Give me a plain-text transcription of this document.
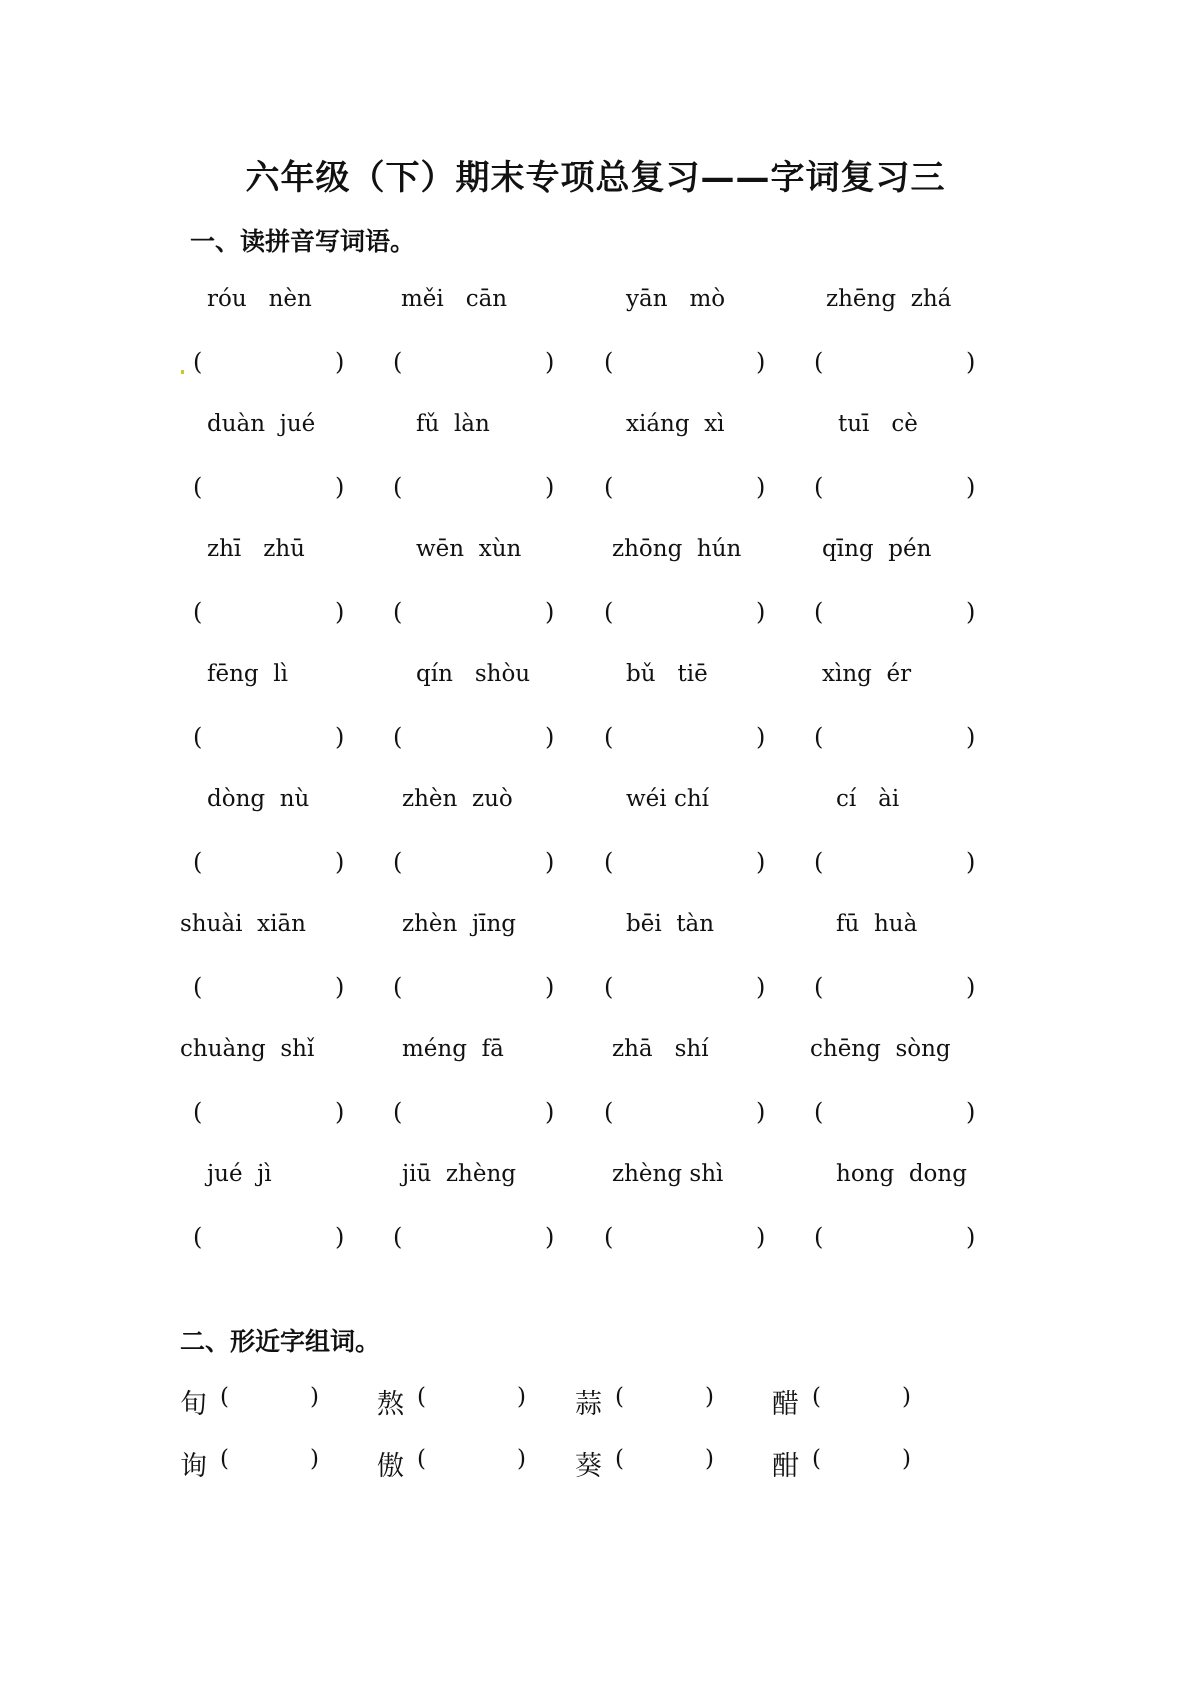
六年级（下）期末专项总复习——字词复习三
一、读拼音写词语。
róu   nèn	měi   cān	yān   mò	zhēng  zhá
(	) (	) (	) (	)
duàn  jué	fǔ  làn	xiáng  xì	tuī   cè
(	) (	) (	) (	)
zhī   zhū	wēn  xùn	zhōng  hún	qīng  pén
(	) (	) (	) (	)
fēng  lì	qín   shòu	bǔ   tiē	xìng  ér
(	) (	) (	) (	)
dòng  nù	zhèn  zuò	wéi chí	cí   ài
(	) (	) (	) (	)
shuài  xiān	zhèn  jīng	bēi  tàn	fū  huà
(	) (	) (	) (	)
chuàng  shǐ	méng  fā	zhā   shí	chēng  sòng
(	) (	) (	) (	)
jué  jì	jiū  zhèng	zhèng shì	hong  dong
(	) (	) (	) (	)
二、形近字组词。
旬 (	) 熬 (	) 蒜 (	) 醋 (	)
询 (	) 傲 (	) 葵 (	) 酣 (	)
